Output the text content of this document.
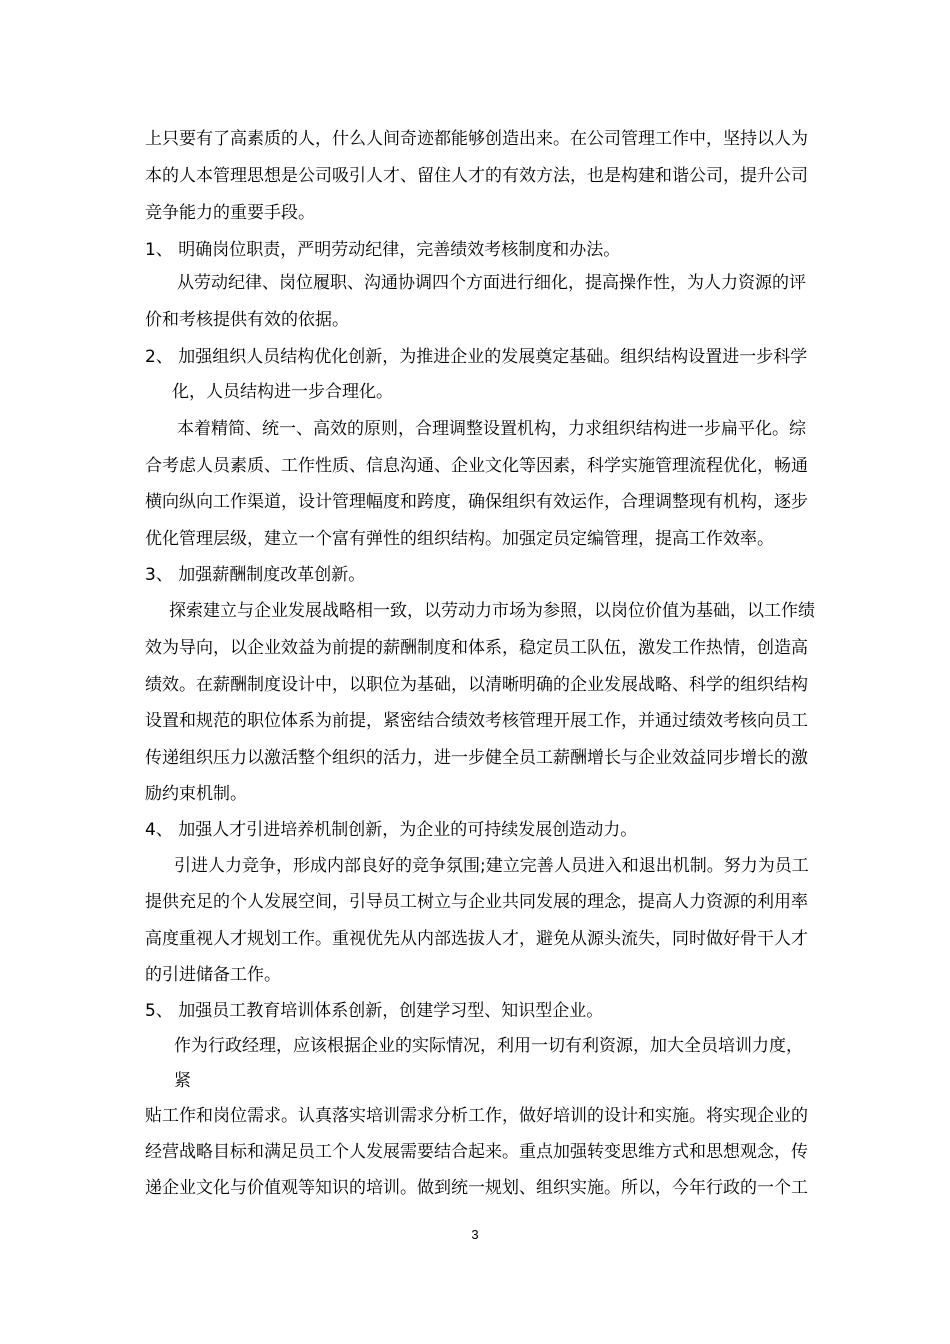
上只要有了高素质的人，什么人间奇迹都能够创造出来。在公司管理工作中，坚持以人为
本的人本管理思想是公司吸引人才、留住人才的有效方法，也是构建和谐公司，提升公司
竞争能力的重要手段。
1、 明确岗位职责，严明劳动纪律，完善绩效考核制度和办法。
从劳动纪律、岗位履职、沟通协调四个方面进行细化，提高操作性，为人力资源的评
价和考核提供有效的依据。
2、 加强组织人员结构优化创新，为推进企业的发展奠定基础。组织结构设置进一步科学
化，人员结构进一步合理化。
本着精简、统一、高效的原则，合理调整设置机构，力求组织结构进一步扁平化。综
合考虑人员素质、工作性质、信息沟通、企业文化等因素，科学实施管理流程优化，畅通
横向纵向工作渠道，设计管理幅度和跨度，确保组织有效运作，合理调整现有机构，逐步
优化管理层级，建立一个富有弹性的组织结构。加强定员定编管理，提高工作效率。
3、 加强薪酬制度改革创新。
探索建立与企业发展战略相一致，以劳动力市场为参照，以岗位价值为基础，以工作绩
效为导向，以企业效益为前提的薪酬制度和体系，稳定员工队伍，激发工作热情，创造高
绩效。在薪酬制度设计中，以职位为基础，以清晰明确的企业发展战略、科学的组织结构
设置和规范的职位体系为前提，紧密结合绩效考核管理开展工作，并通过绩效考核向员工
传递组织压力以激活整个组织的活力，进一步健全员工薪酬增长与企业效益同步增长的激
励约束机制。
4、 加强人才引进培养机制创新，为企业的可持续发展创造动力。
引进人力竞争，形成内部良好的竞争氛围;建立完善人员进入和退出机制。努力为员工
提供充足的个人发展空间，引导员工树立与企业共同发展的理念，提高人力资源的利用率
高度重视人才规划工作。重视优先从内部选拔人才，避免从源头流失，同时做好骨干人才
的引进储备工作。
5、 加强员工教育培训体系创新，创建学习型、知识型企业。
作为行政经理，应该根据企业的实际情况，利用一切有利资源，加大全员培训力度，
紧
贴工作和岗位需求。认真落实培训需求分析工作，做好培训的设计和实施。将实现企业的
经营战略目标和满足员工个人发展需要结合起来。重点加强转变思维方式和思想观念，传
递企业文化与价值观等知识的培训。做到统一规划、组织实施。所以，今年行政的一个工
3
